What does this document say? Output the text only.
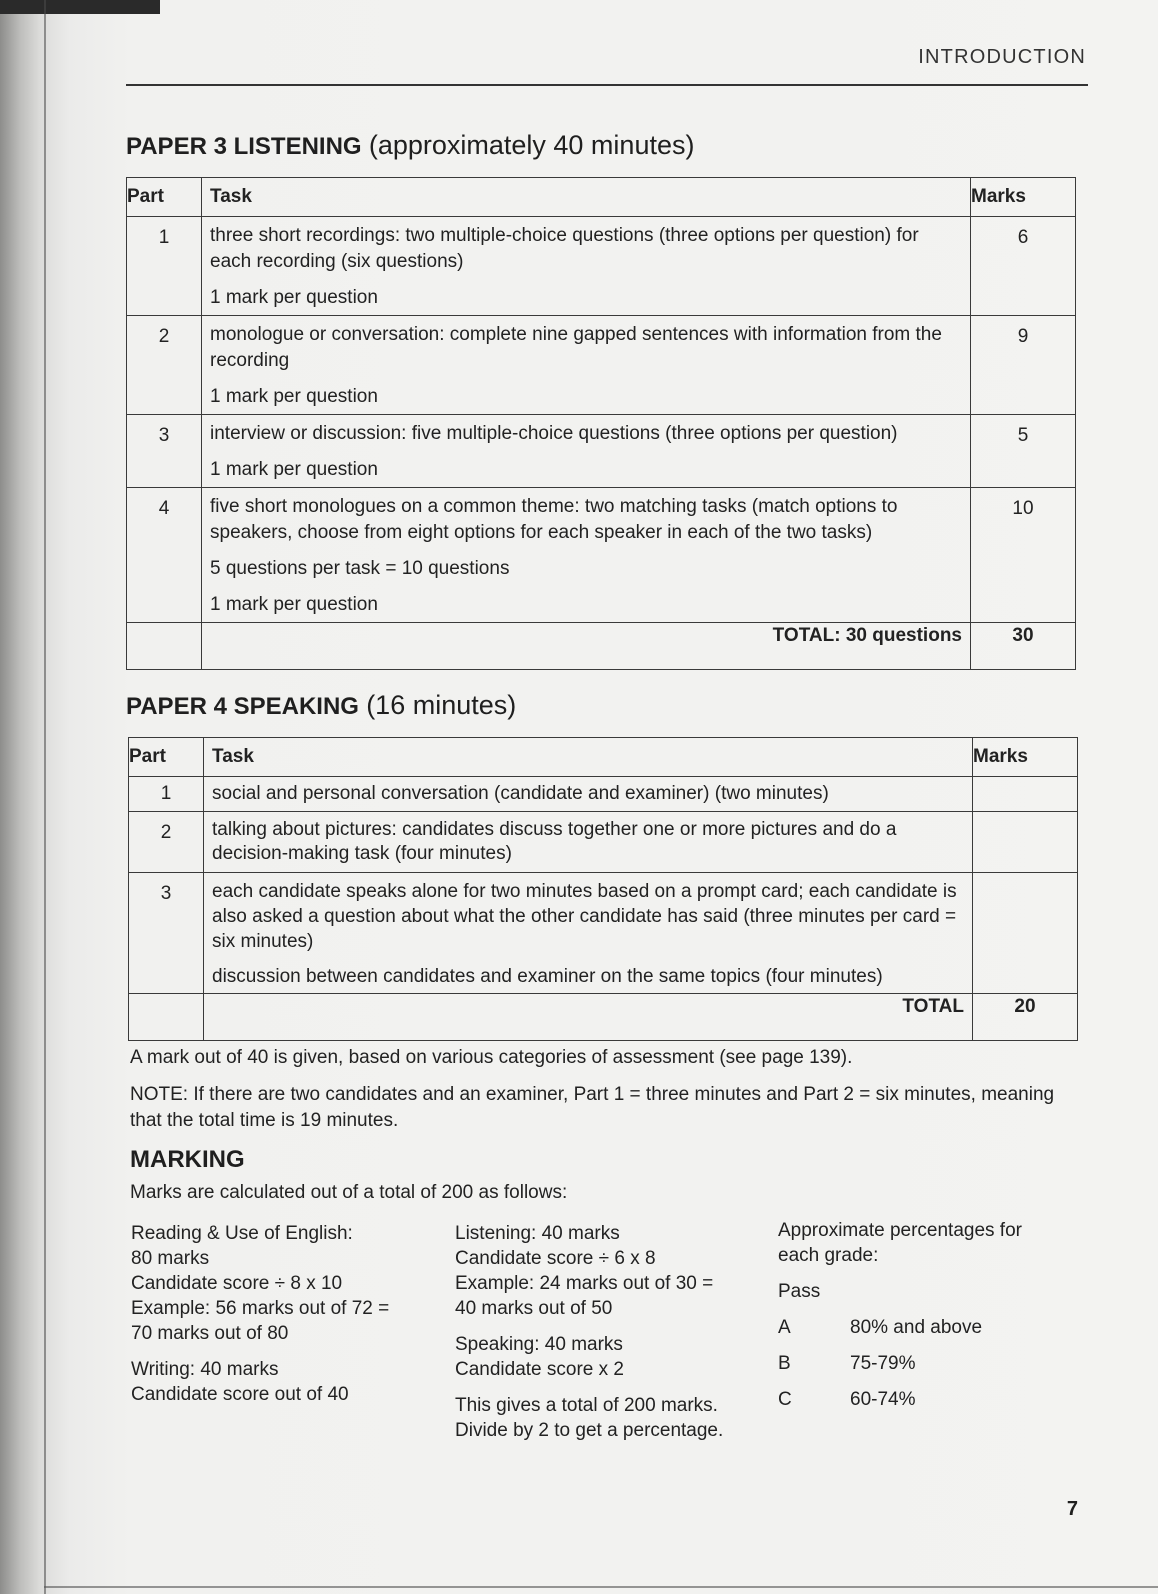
INTRODUCTION
PAPER 3 LISTENING (approximately 40 minutes)
Part	Task	Marks
1	three short recordings: two multiple-choice questions (three options per question) for each recording (six questions)
1 mark per question	6
2	monologue or conversation: complete nine gapped sentences with information from the recording
1 mark per question	9
3	interview or discussion: five multiple-choice questions (three options per question)
1 mark per question	5
4	five short monologues on a common theme: two matching tasks (match options to speakers, choose from eight options for each speaker in each of the two tasks)
5 questions per task = 10 questions
1 mark per question	10
	TOTAL: 30 questions	30
PAPER 4 SPEAKING (16 minutes)
Part	Task	Marks
1	social and personal conversation (candidate and examiner) (two minutes)	

2	talking about pictures: candidates discuss together one or more pictures and do a decision-making task (four minutes)	

3	each candidate speaks alone for two minutes based on a prompt card; each candidate is also asked a question about what the other candidate has said (three minutes per card = six minutes)
discussion between candidates and examiner on the same topics (four minutes)	

	TOTAL	20
A mark out of 40 is given, based on various categories of assessment (see page 139).
NOTE: If there are two candidates and an examiner, Part 1 = three minutes and Part 2 = six minutes, meaning that the total time is 19 minutes.
MARKING
Marks are calculated out of a total of 200 as follows:

Reading & Use of English:
80 marks
Candidate score ÷ 8 x 10
Example: 56 marks out of 72 =
70 marks out of 80

Writing: 40 marks
Candidate score out of 40

Listening: 40 marks
Candidate score ÷ 6 x 8
Example: 24 marks out of 30 =
40 marks out of 50

Speaking: 40 marks
Candidate score x 2

This gives a total of 200 marks.
Divide by 2 to get a percentage.

Approximate percentages for
each grade:
Pass
A	80% and above
B	75-79%
C	60-74%
7
